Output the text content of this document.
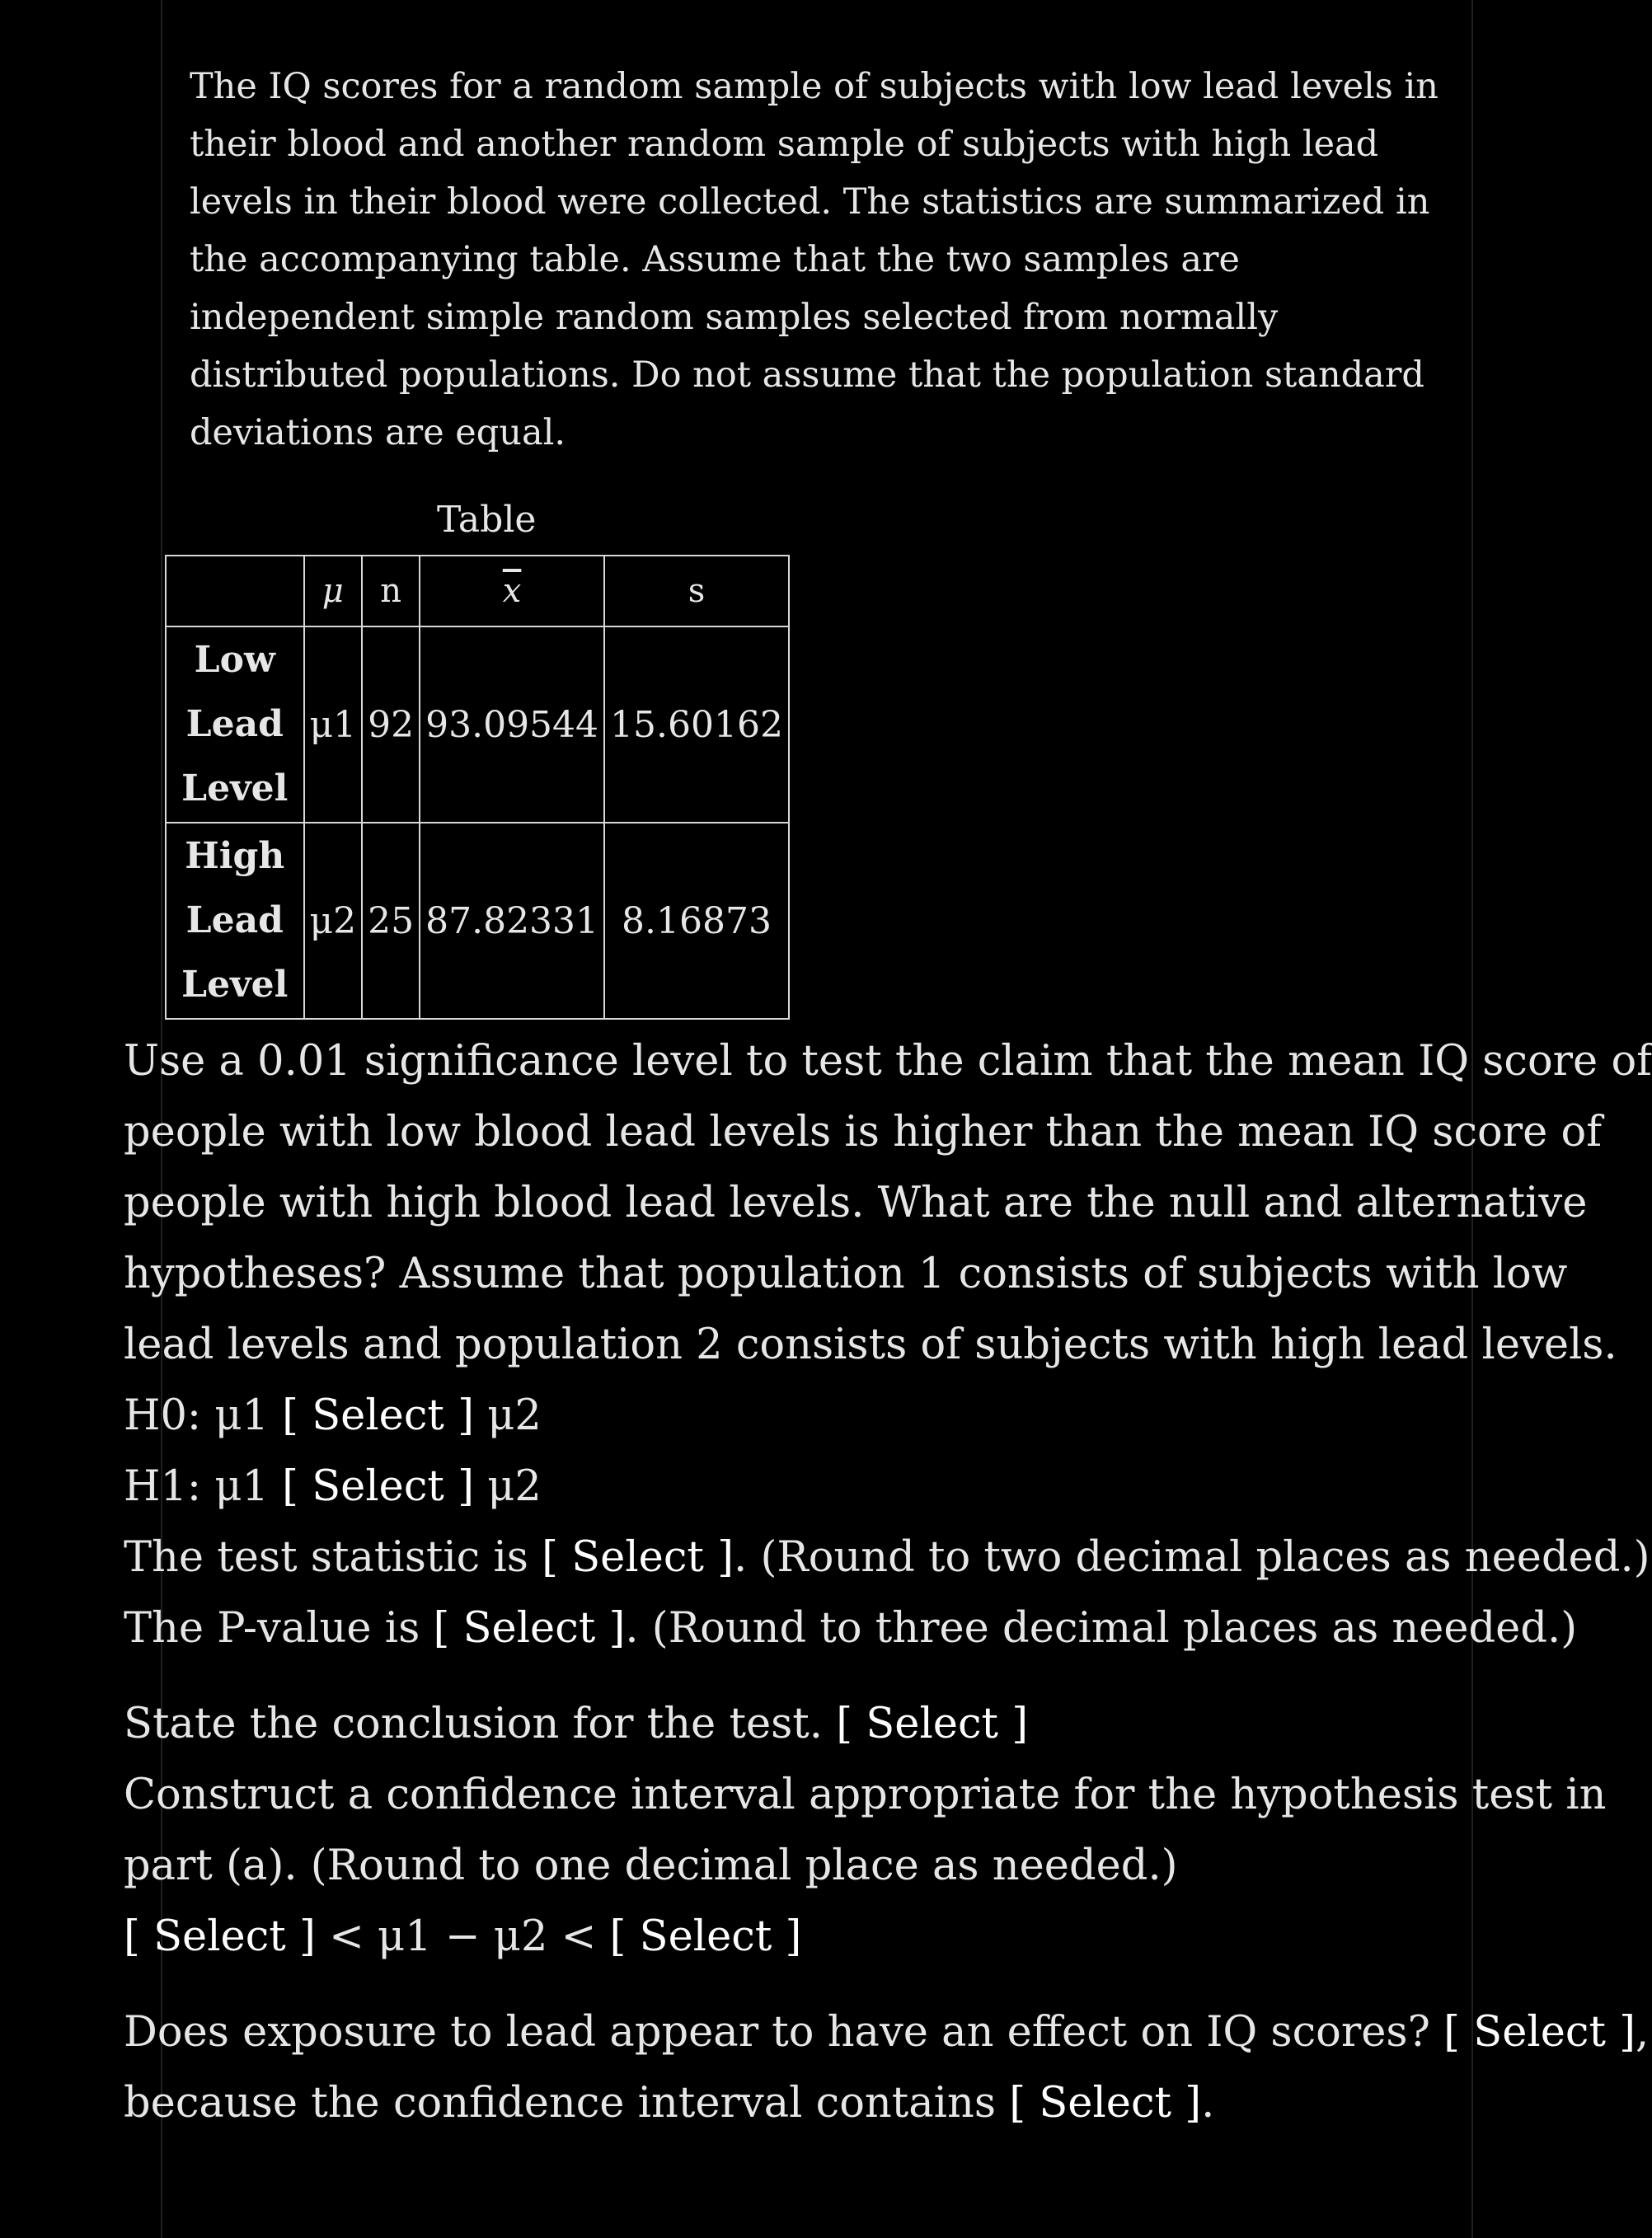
The IQ scores for a random sample of subjects with low lead levels in
their blood and another random sample of subjects with high lead
levels in their blood were collected. The statistics are summarized in
the accompanying table. Assume that the two samples are
independent simple random samples selected from normally
distributed populations. Do not assume that the population standard
deviations are equal.
Table
	μ	n	$\overline{x}$	s

Low
Lead
Level	μ1	92	93.09544	15.60162

High
Lead
Level	μ2	25	87.82331	8.16873
Use a 0.01 significance level to test the claim that the mean IQ score of
people with low blood lead levels is higher than the mean IQ score of
people with high blood lead levels. What are the null and alternative
hypotheses? Assume that population 1 consists of subjects with low
lead levels and population 2 consists of subjects with high lead levels.
H0: μ1 [ Select ] μ2
H1: μ1 [ Select ] μ2
The test statistic is [ Select ]. (Round to two decimal places as needed.)
The P-value is [ Select ]. (Round to three decimal places as needed.)
State the conclusion for the test. [ Select ]
Construct a confidence interval appropriate for the hypothesis test in
part (a). (Round to one decimal place as needed.)
[ Select ] < μ1 − μ2 < [ Select ]
Does exposure to lead appear to have an effect on IQ scores? [ Select ],
because the confidence interval contains [ Select ].
